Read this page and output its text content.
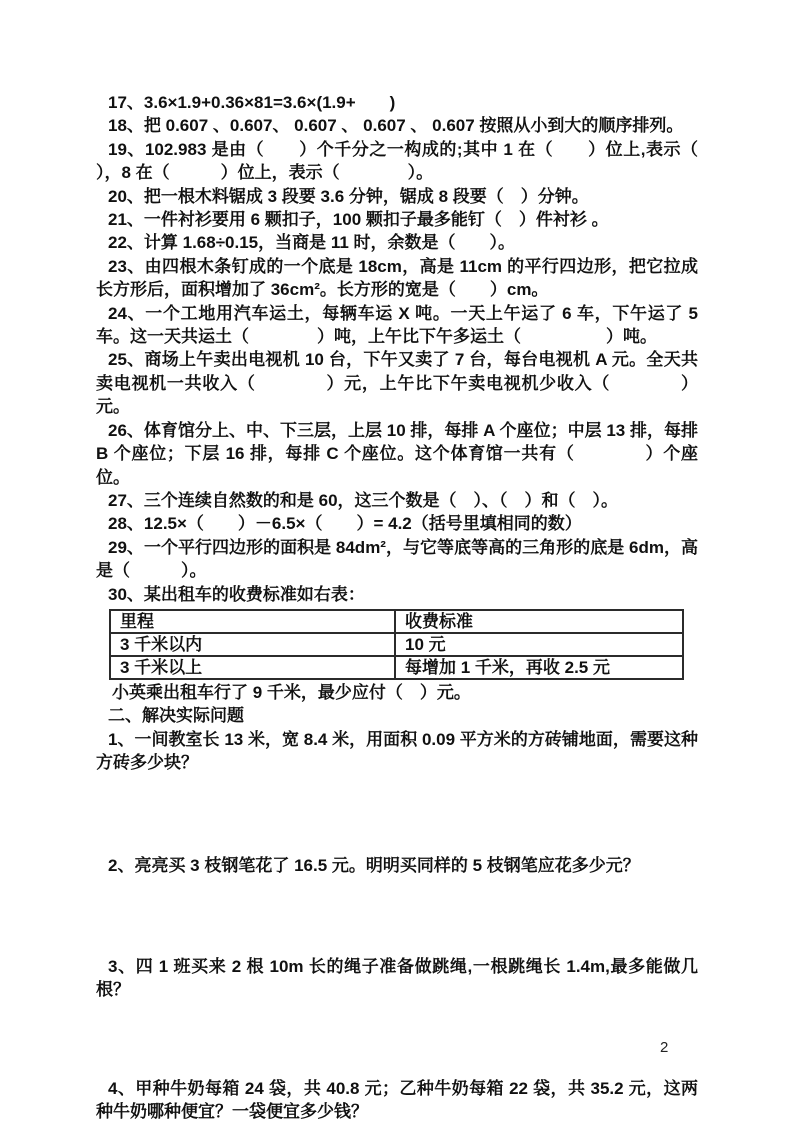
17、3.6×1.9+0.36×81=3.6×(1.9+　　)

18、把 0.607 、0.607、 0.607 、 0.607 、 0.607 按照从小到大的顺序排列。

19、102.983 是由（　　）个千分之一构成的;其中 1 在（　　）位上,表示（　　　　　），8 在（　　　）位上，表示（　　　　）。

20、把一根木料锯成 3 段要 3.6 分钟，锯成 8 段要（　）分钟。

21、一件衬衫要用 6 颗扣子，100 颗扣子最多能钉（　）件衬衫 。

22、计算 1.68÷0.15，当商是 11 时，余数是（　　）。

23、由四根木条钉成的一个底是 18cm，高是 11cm 的平行四边形，把它拉成长方形后，面积增加了 36cm²。长方形的宽是（　　）cm。

24、一个工地用汽车运土，每辆车运 X 吨。一天上午运了 6 车，下午运了 5 车。这一天共运土（　　　　）吨，上午比下午多运土（　　　　　）吨。

25、商场上午卖出电视机 10 台，下午又卖了 7 台，每台电视机 A 元。全天共卖电视机一共收入（　　　　）元，上午比下午卖电视机少收入（　　　　）元。

26、体育馆分上、中、下三层，上层 10 排，每排 A 个座位；中层 13 排，每排 B 个座位；下层 16 排，每排 C 个座位。这个体育馆一共有（　　　　）个座位。

27、三个连续自然数的和是 60，这三个数是（　）、（　）和（　）。

28、12.5×（　　）－6.5×（　　）= 4.2（括号里填相同的数）

29、一个平行四边形的面积是 84dm²，与它等底等高的三角形的底是 6dm，高是（　　　）。

30、某出租车的收费标准如右表：

里程	收费标准
3 千米以内	10 元
3 千米以上	每增加 1 千米，再收 2.5 元

小英乘出租车行了 9 千米，最少应付（　）元。

二、解决实际问题

1、一间教室长 13 米，宽 8.4 米，用面积 0.09 平方米的方砖铺地面，需要这种方砖多少块？

2、亮亮买 3 枝钢笔花了 16.5 元。明明买同样的 5 枝钢笔应花多少元？

3、四 1 班买来 2 根 10m 长的绳子准备做跳绳,一根跳绳长 1.4m,最多能做几根？

4、甲种牛奶每箱 24 袋，共 40.8 元；乙种牛奶每箱 22 袋，共 35.2 元，这两种牛奶哪种便宜？一袋便宜多少钱？

2
